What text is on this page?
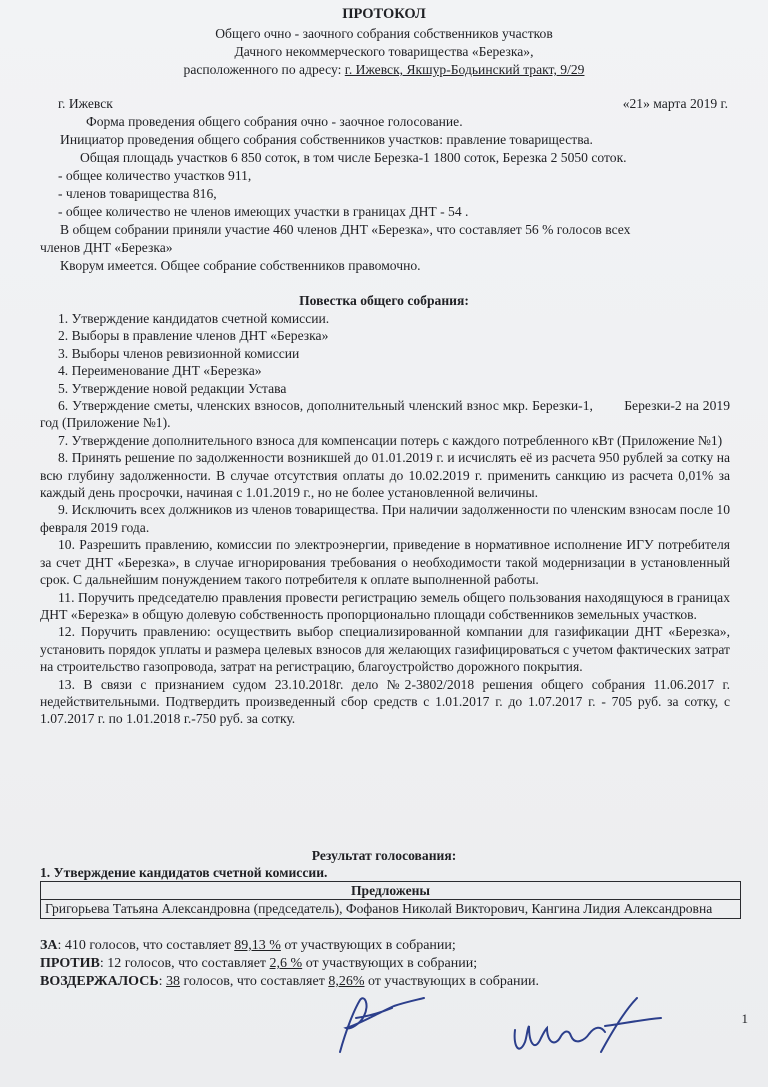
ПРОТОКОЛ
Общего очно - заочного собрания собственников участков
Дачного некоммерческого товарищества «Березка»,
расположенного по адресу: г. Ижевск, Якшур-Бодьинский тракт, 9/29
г. Ижевск	«21» марта 2019 г.
Форма проведения общего собрания очно - заочное голосование.
Инициатор проведения общего собрания собственников участков: правление товарищества.
Общая площадь участков 6 850 соток, в том числе Березка-1 1800 соток, Березка 2 5050 соток.
- общее количество участков 911,
- членов товарищества 816,
- общее количество не членов имеющих участки в границах ДНТ - 54 .
В общем собрании приняли участие 460 членов ДНТ «Березка», что составляет 56 % голосов всех
членов ДНТ «Березка»
Кворум имеется. Общее собрание собственников правомочно.
Повестка общего собрания:

1. Утверждение кандидатов счетной комиссии.

2. Выборы в правление членов ДНТ «Березка»

3. Выборы членов ревизионной комиссии

4. Переименование ДНТ «Березка»

5. Утверждение новой редакции Устава

6. Утверждение сметы, членских взносов, дополнительный членский взнос мкр. Березки-1,        Березки-2 на 2019 год (Приложение №1).

7. Утверждение дополнительного взноса для компенсации потерь с каждого потребленного кВт (Приложение №1)

8. Принять решение по задолженности возникшей до 01.01.2019 г. и исчислять её из расчета 950 рублей за сотку на всю глубину задолженности. В случае отсутствия оплаты до 10.02.2019 г. применить санкцию из расчета 0,01% за каждый день просрочки, начиная с 1.01.2019 г., но не более установленной величины.

9. Исключить всех должников из членов товарищества. При наличии задолженности по членским взносам после 10 февраля 2019 года.

10. Разрешить правлению, комиссии по электроэнергии, приведение в нормативное исполнение ИГУ потребителя за счет ДНТ «Березка», в случае игнорирования требования о необходимости такой модернизации в установленный срок. С дальнейшим понуждением такого потребителя к оплате выполненной работы.

11. Поручить председателю правления провести регистрацию земель общего пользования находящуюся в границах ДНТ «Березка» в общую долевую собственность пропорционально площади собственников земельных участков.

12. Поручить правлению: осуществить выбор специализированной компании для газификации ДНТ «Березка», установить порядок уплаты и размера целевых взносов для желающих газифицироваться с учетом фактических затрат на строительство газопровода, затрат на регистрацию, благоустройство дорожного покрытия.

13. В связи с признанием судом 23.10.2018г. дело №2-3802/2018 решения общего собрания 11.06.2017 г. недействительными. Подтвердить произведенный сбор средств с 1.01.2017 г. до 1.07.2017 г. - 705 руб. за сотку, с 1.07.2017 г. по 1.01.2018 г.-750 руб. за сотку.

Результат голосования:
1. Утверждение кандидатов счетной комиссии.
Предложены
Григорьева Татьяна Александровна (председатель), Фофанов Николай Викторович, Кангина Лидия Александровна
ЗА: 410 голосов, что составляет 89,13 % от участвующих в собрании;
ПРОТИВ: 12 голосов, что составляет 2,6 % от участвующих в собрании;
ВОЗДЕРЖАЛОСЬ: 38 голосов, что составляет 8,26% от участвующих в собрании.
1
